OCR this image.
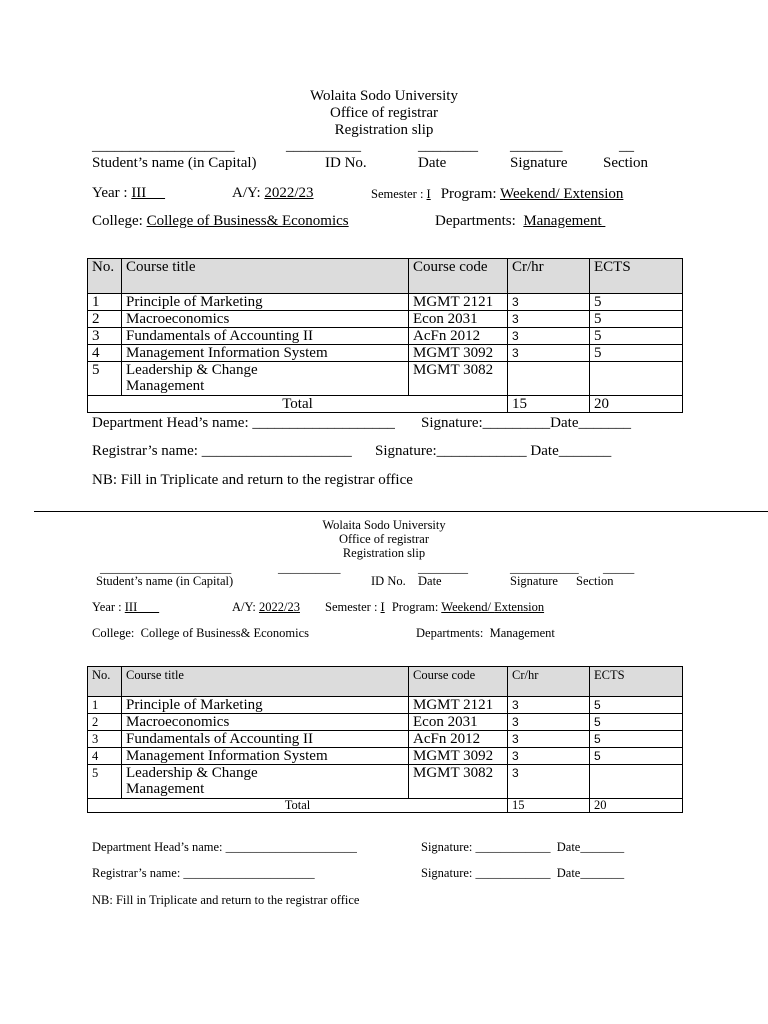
Wolaita Sodo University
Office of registrar
Registration slip
___________________	__________	________ _______	__
Student’s name (in Capital)	ID No.	Date	Signature Section
Year : III	A/Y: 2022/23	Semester : I Program: Weekend/ Extension
College: College of Business& Economics	Departments:  Management
No.	Course title	Course code	Cr/hr	ECTS
1	Principle of Marketing	MGMT 2121	3	5
2	Macroeconomics	Econ 2031	3	5
3	Fundamentals of Accounting II	AcFn 2012	3	5
4	Management Information System	MGMT 3092	3	5
5	Leadership & Change
Management	MGMT 3082		
Total			15	20
Department Head’s name: ___________________ Signature:_________Date_______
Registrar’s name: ____________________ Signature:____________ Date_______
NB: Fill in Triplicate and return to the registrar office
Wolaita Sodo University
Office of registrar
Registration slip
_____________________	__________	________	___________ _____
Student’s name (in Capital)	ID No. Date	Signature Section
Year : III	A/Y: 2022/23 Semester : I Program: Weekend/ Extension
College:  College of Business& Economics	Departments:  Management
No.	Course title	Course code	Cr/hr	ECTS
1	Principle of Marketing	MGMT 2121	3	5
2	Macroeconomics	Econ 2031	3	5
3	Fundamentals of Accounting II	AcFn 2012	3	5
4	Management Information System	MGMT 3092	3	5
5	Leadership & Change
Management	MGMT 3082	3	
Total			15	20
Department Head’s name: _____________________	Signature: ____________  Date_______
Registrar’s name: _____________________	Signature: ____________  Date_______
NB: Fill in Triplicate and return to the registrar office
